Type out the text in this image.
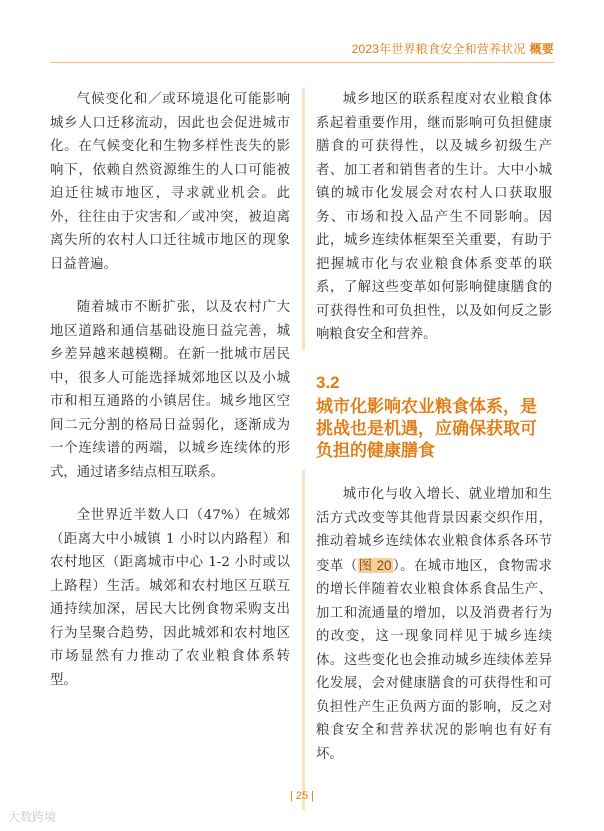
2023年世界粮食安全和营养状况 概要

气候变化和／或环境退化可能影响城乡人口迁移流动，因此也会促进城市化。在气候变化和生物多样性丧失的影响下，依赖自然资源维生的人口可能被迫迁往城市地区，寻求就业机会。此外，往往由于灾害和／或冲突，被迫离离失所的农村人口迁往城市地区的现象日益普遍。

随着城市不断扩张，以及农村广大地区道路和通信基础设施日益完善，城乡差异越来越模糊。在新一批城市居民中，很多人可能选择城郊地区以及小城市和相互通路的小镇居住。城乡地区空间二元分割的格局日益弱化，逐渐成为一个连续谱的两端，以城乡连续体的形式，通过诸多结点相互联系。

全世界近半数人口（47%）在城郊（距离大中小城镇 1 小时以内路程）和农村地区（距离城市中心 1-2 小时或以上路程）生活。城郊和农村地区互联互通持续加深，居民大比例食物采购支出行为呈聚合趋势，因此城郊和农村地区市场显然有力推动了农业粮食体系转型。

城乡地区的联系程度对农业粮食体系起着重要作用，继而影响可负担健康膳食的可获得性，以及城乡初级生产者、加工者和销售者的生计。大中小城镇的城市化发展会对农村人口获取服务、市场和投入品产生不同影响。因此，城乡连续体框架至关重要，有助于把握城市化与农业粮食体系变革的联系，了解这些变革如何影响健康膳食的可获得性和可负担性，以及如何反之影响粮食安全和营养。

3.2
城市化影响农业粮食体系，是挑战也是机遇，应确保获取可负担的健康膳食

城市化与收入增长、就业增加和生活方式改变等其他背景因素交织作用，推动着城乡连续体农业粮食体系各环节变革（图 20）。在城市地区，食物需求的增长伴随着农业粮食体系食品生产、加工和流通量的增加，以及消费者行为的改变，这一现象同样见于城乡连续体。这些变化也会推动城乡连续体差异化发展，会对健康膳食的可获得性和可负担性产生正负两方面的影响，反之对粮食安全和营养状况的影响也有好有坏。

| 25 |
大数跨境
